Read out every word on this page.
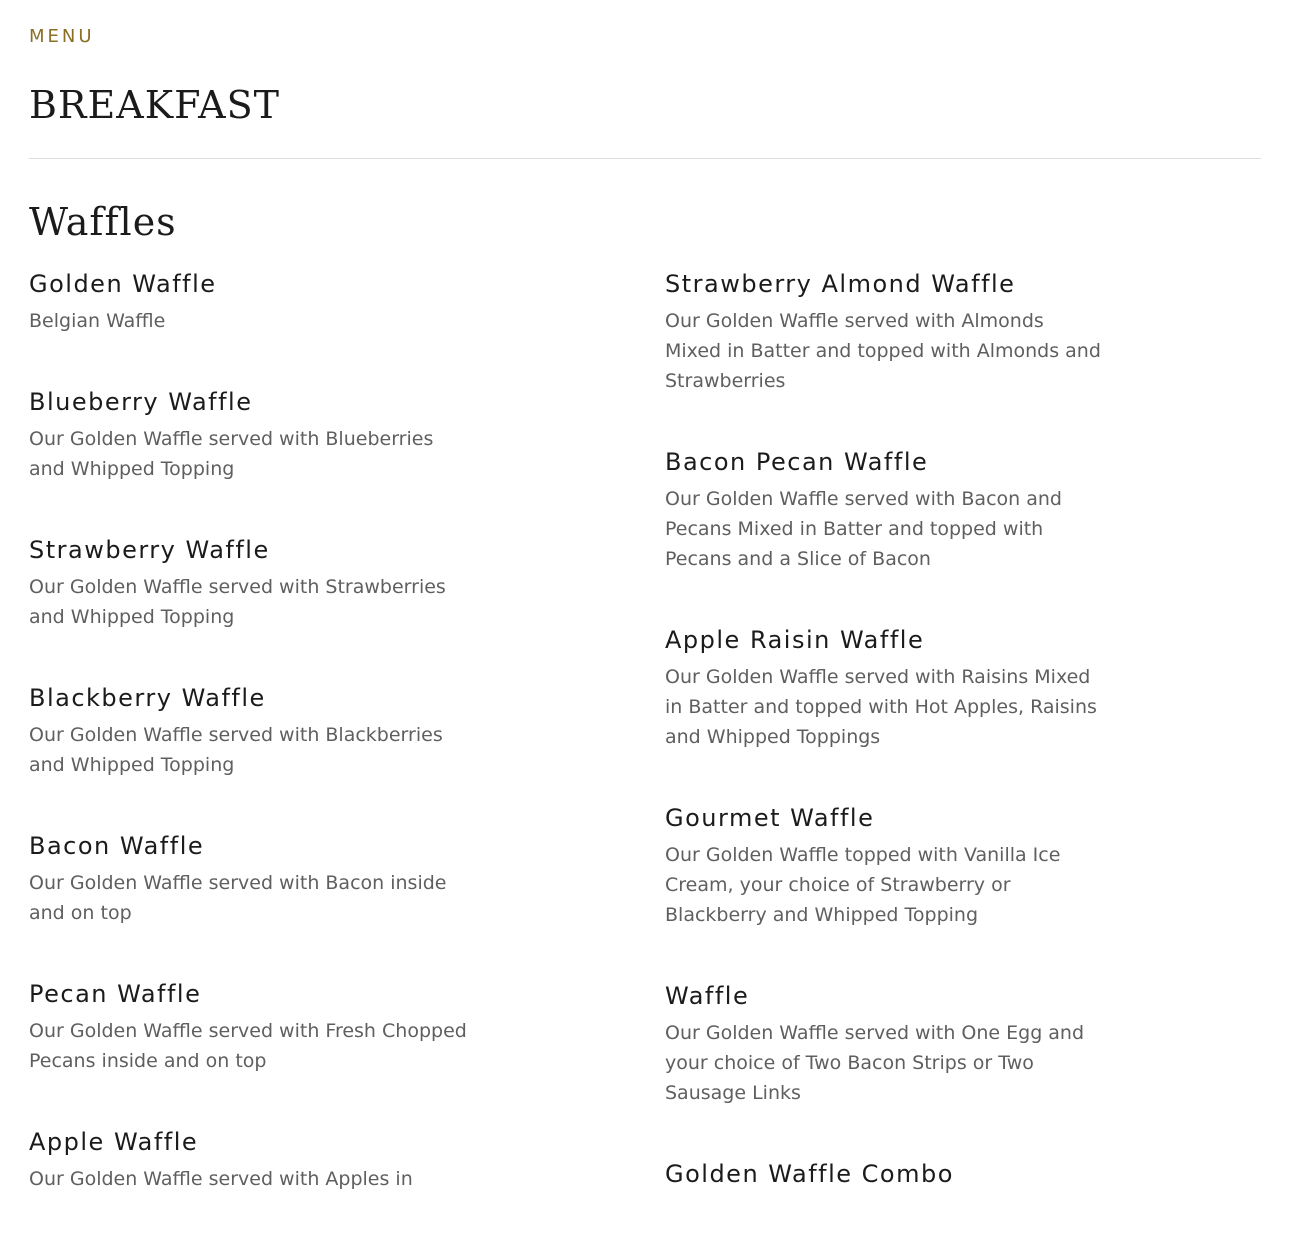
MENU
BREAKFAST
Waffles
Golden Waffle

Belgian Waffle

Blueberry Waffle

Our Golden Waffle served with Blueberries and Whipped Topping

Strawberry Waffle

Our Golden Waffle served with Strawberries and Whipped Topping

Blackberry Waffle

Our Golden Waffle served with Blackberries and Whipped Topping

Bacon Waffle

Our Golden Waffle served with Bacon inside and on top

Pecan Waffle

Our Golden Waffle served with Fresh Chopped Pecans inside and on top

Apple Waffle

Our Golden Waffle served with Apples in

Strawberry Almond Waffle

Our Golden Waffle served with Almonds Mixed in Batter and topped with Almonds and Strawberries

Bacon Pecan Waffle

Our Golden Waffle served with Bacon and Pecans Mixed in Batter and topped with Pecans and a Slice of Bacon

Apple Raisin Waffle

Our Golden Waffle served with Raisins Mixed in Batter and topped with Hot Apples, Raisins and Whipped Toppings

Gourmet Waffle

Our Golden Waffle topped with Vanilla Ice Cream, your choice of Strawberry or Blackberry and Whipped Topping

Waffle

Our Golden Waffle served with One Egg and your choice of Two Bacon Strips or Two Sausage Links

Golden Waffle Combo
